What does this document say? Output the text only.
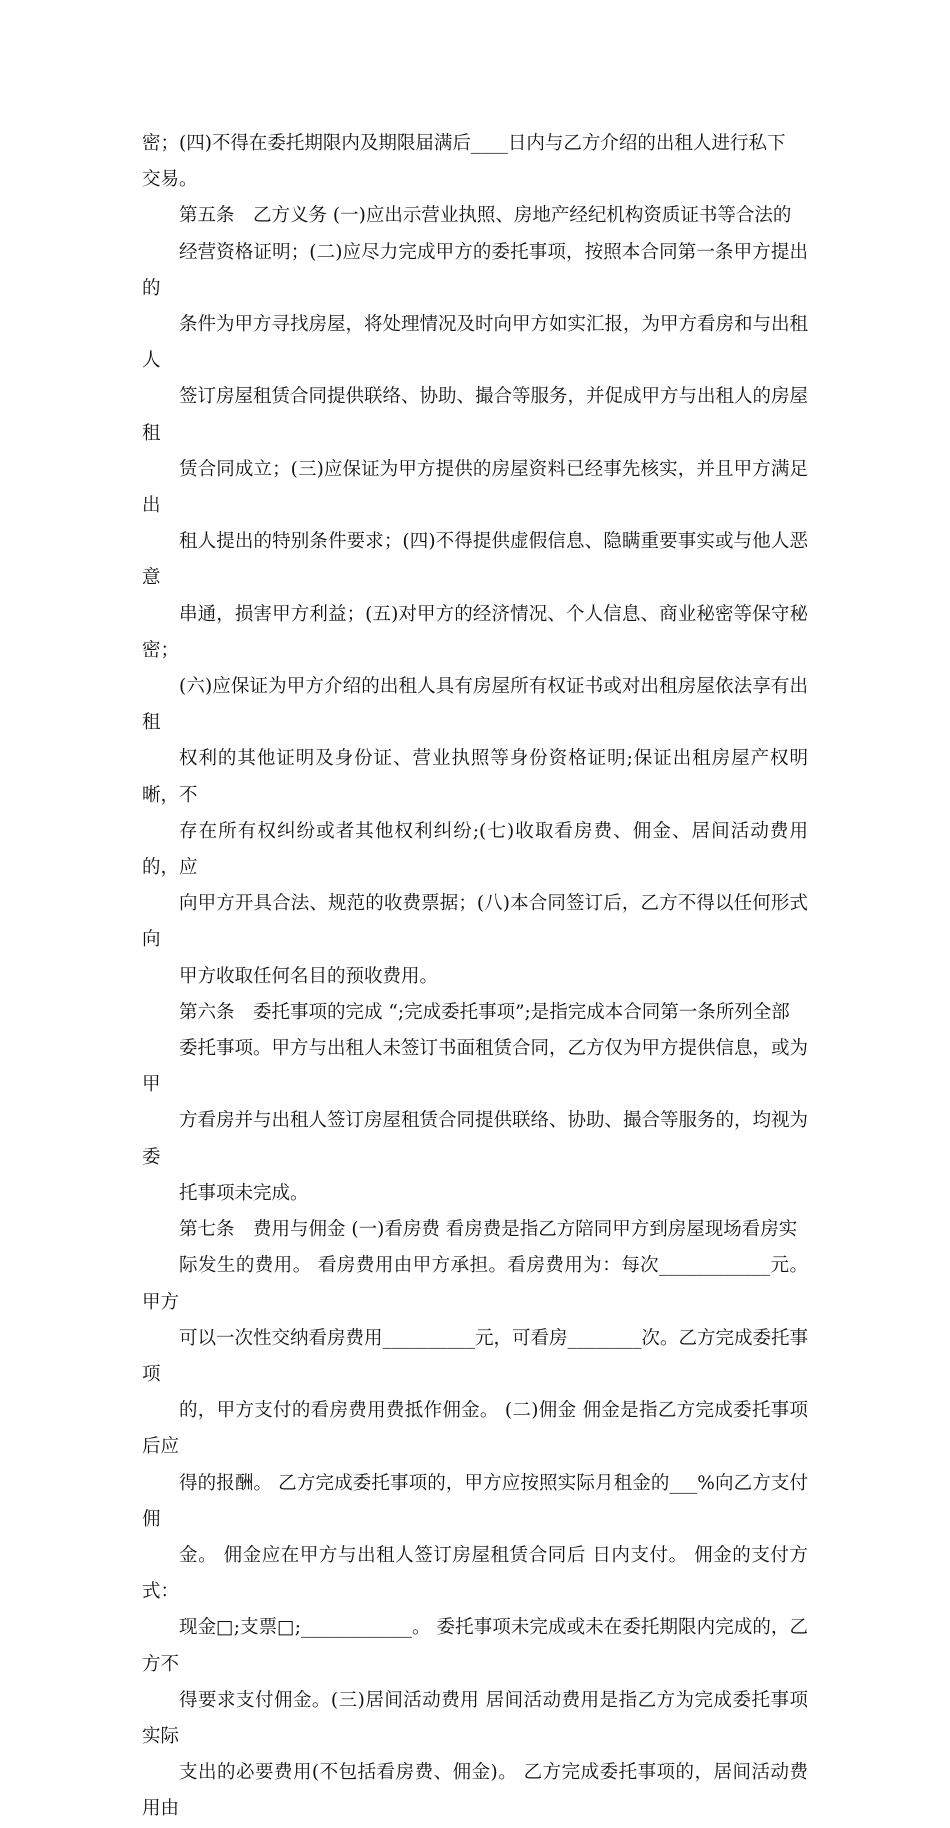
密；(四)不得在委托期限内及期限届满后____日内与乙方介绍的出租人进行私下
交易。

第五条　乙方义务 (一)应出示营业执照、房地产经纪机构资质证书等合法的
经营资格证明；(二)应尽力完成甲方的委托事项，按照本合同第一条甲方提出的
条件为甲方寻找房屋，将处理情况及时向甲方如实汇报，为甲方看房和与出租人
签订房屋租赁合同提供联络、协助、撮合等服务，并促成甲方与出租人的房屋租
赁合同成立；(三)应保证为甲方提供的房屋资料已经事先核实，并且甲方满足出
租人提出的特别条件要求；(四)不得提供虚假信息、隐瞒重要事实或与他人恶意
串通，损害甲方利益；(五)对甲方的经济情况、个人信息、商业秘密等保守秘密；
(六)应保证为甲方介绍的出租人具有房屋所有权证书或对出租房屋依法享有出租
权利的其他证明及身份证、营业执照等身份资格证明;保证出租房屋产权明晰，不
存在所有权纠纷或者其他权利纠纷;(七)收取看房费、佣金、居间活动费用的，应
向甲方开具合法、规范的收费票据；(八)本合同签订后，乙方不得以任何形式向
甲方收取任何名目的预收费用。

第六条　委托事项的完成 “;完成委托事项”;是指完成本合同第一条所列全部
委托事项。甲方与出租人未签订书面租赁合同，乙方仅为甲方提供信息，或为甲
方看房并与出租人签订房屋租赁合同提供联络、协助、撮合等服务的，均视为委
托事项未完成。

第七条　费用与佣金 (一)看房费 看房费是指乙方陪同甲方到房屋现场看房实
际发生的费用。 看房费用由甲方承担。看房费用为：每次____________元。甲方
可以一次性交纳看房费用__________元，可看房________次。乙方完成委托事项
的，甲方支付的看房费用费抵作佣金。 (二)佣金 佣金是指乙方完成委托事项后应
得的报酬。 乙方完成委托事项的，甲方应按照实际月租金的___%向乙方支付佣
金。 佣金应在甲方与出租人签订房屋租赁合同后 日内支付。 佣金的支付方式：
现金□;支票□;____________。 委托事项未完成或未在委托期限内完成的，乙方不
得要求支付佣金。(三)居间活动费用 居间活动费用是指乙方为完成委托事项实际
支出的必要费用(不包括看房费、佣金)。 乙方完成委托事项的，居间活动费用由
